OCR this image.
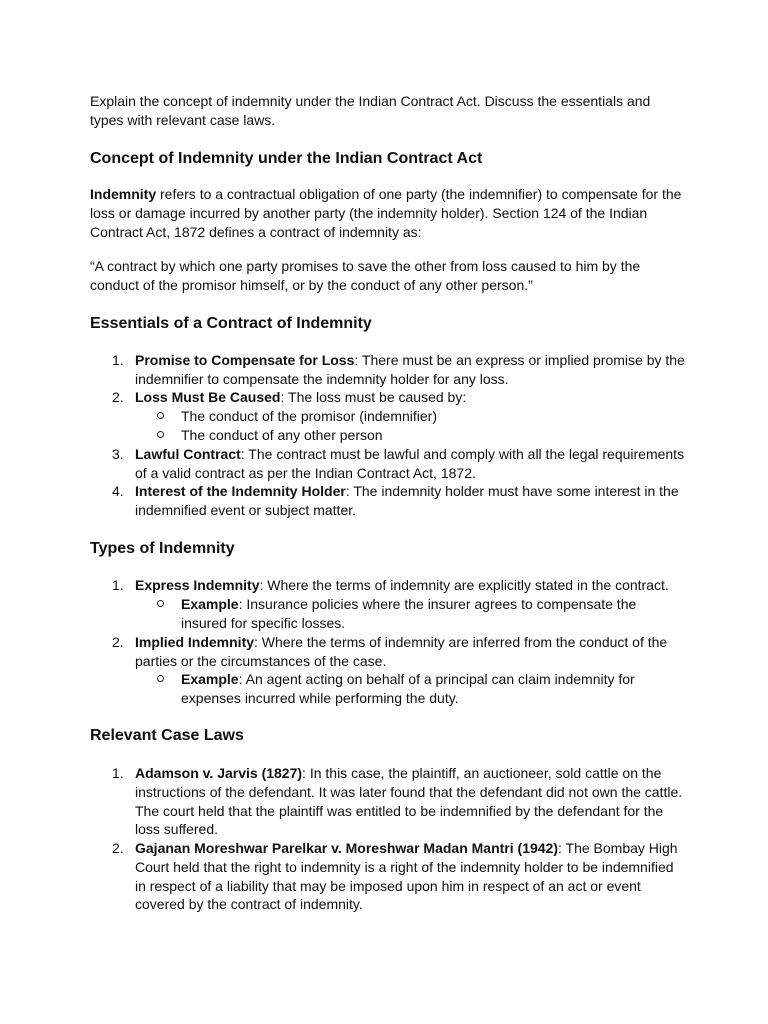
Explain the concept of indemnity under the Indian Contract Act. Discuss the essentials and

types with relevant case laws.

Concept of Indemnity under the Indian Contract Act

Indemnity refers to a contractual obligation of one party (the indemnifier) to compensate for the

loss or damage incurred by another party (the indemnity holder). Section 124 of the Indian

Contract Act, 1872 defines a contract of indemnity as:

“A contract by which one party promises to save the other from loss caused to him by the

conduct of the promisor himself, or by the conduct of any other person.”

Essentials of a Contract of Indemnity
1. Promise to Compensate for Loss: There must be an express or implied promise by the

indemnifier to compensate the indemnity holder for any loss.

2. Loss Must Be Caused: The loss must be caused by:

The conduct of the promisor (indemnifier)

The conduct of any other person

3. Lawful Contract: The contract must be lawful and comply with all the legal requirements

of a valid contract as per the Indian Contract Act, 1872.

4. Interest of the Indemnity Holder: The indemnity holder must have some interest in the

indemnified event or subject matter.

Types of Indemnity
1. Express Indemnity: Where the terms of indemnity are explicitly stated in the contract.

Example: Insurance policies where the insurer agrees to compensate the

insured for specific losses.

2. Implied Indemnity: Where the terms of indemnity are inferred from the conduct of the

parties or the circumstances of the case.

Example: An agent acting on behalf of a principal can claim indemnity for

expenses incurred while performing the duty.

Relevant Case Laws
1. Adamson v. Jarvis (1827): In this case, the plaintiff, an auctioneer, sold cattle on the

instructions of the defendant. It was later found that the defendant did not own the cattle.

The court held that the plaintiff was entitled to be indemnified by the defendant for the

loss suffered.

2. Gajanan Moreshwar Parelkar v. Moreshwar Madan Mantri (1942): The Bombay High

Court held that the right to indemnity is a right of the indemnity holder to be indemnified

in respect of a liability that may be imposed upon him in respect of an act or event

covered by the contract of indemnity.
